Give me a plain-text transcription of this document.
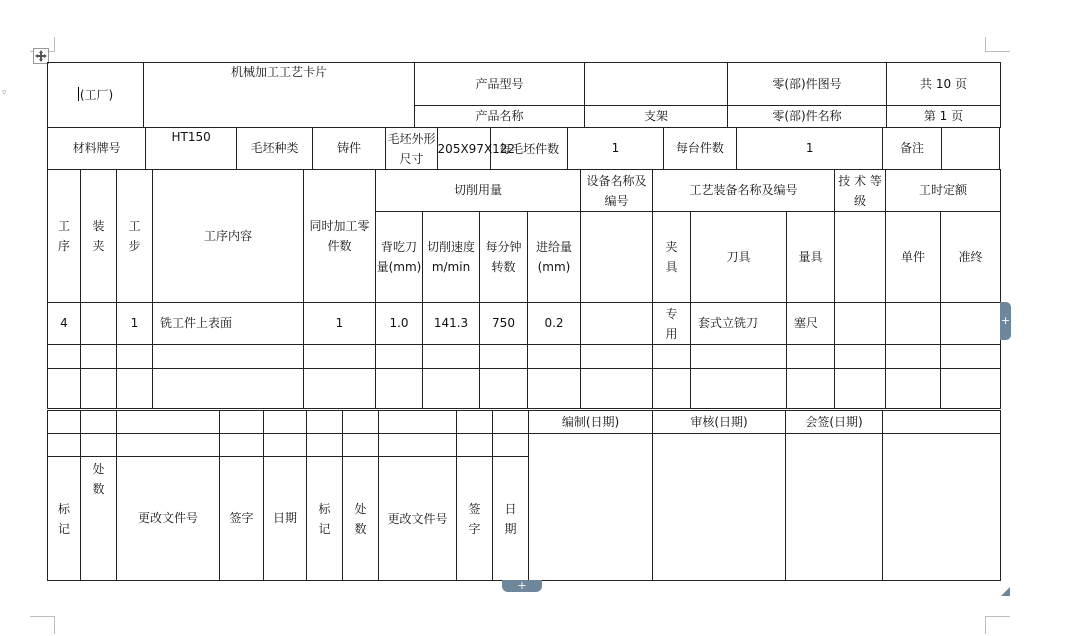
▿	(工厂)	机械加工工艺卡片	产品型号		零(部)件图号	共 10 页
		产品名称	支架	零(部)件名称	第 1 页
材料牌号	HT150	毛坯种类	铸件	毛坯外形尺寸	205X97X122	每毛坯件数	1	每台件数	1	备注	
工序	装夹	工步	工序内容	同时加工零件数	切削用量				设备名称及编号	工艺装备名称及编号			技 术 等 级	工时定额	
					背吃刀量(mm)	切削速度m/min	每分钟转数	进给量(mm)		夹具	刀具	量具		单件	准终
4		1	铣工件上表面	1	1.0	141.3	750	0.2		专用	套式立铣刀	塞尺			

										编制(日期)	审核(日期)	会签(日期)	

标记	处数	更改文件号	签字	日期	标记	处数	更改文件号	签字	日期				
+
+
